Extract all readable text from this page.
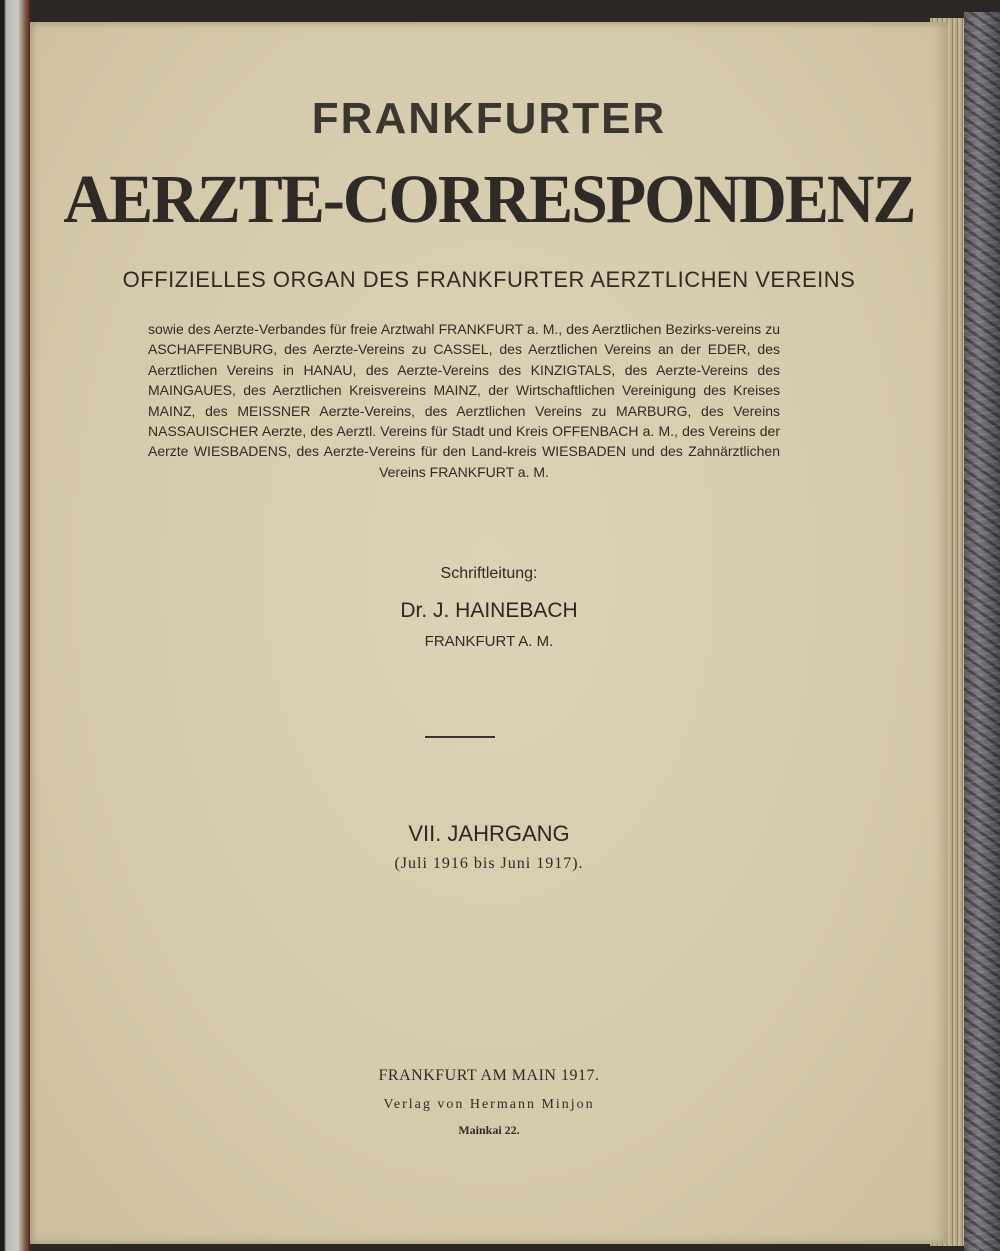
FRANKFURTER
AERZTE-CORRESPONDENZ
OFFIZIELLES ORGAN DES FRANKFURTER AERZTLICHEN VEREINS
sowie des Aerzte-Verbandes für freie Arztwahl FRANKFURT a. M., des Aerztlichen Bezirks-vereins zu ASCHAFFENBURG, des Aerzte-Vereins zu CASSEL, des Aerztlichen Vereins an der EDER, des Aerztlichen Vereins in HANAU, des Aerzte-Vereins des KINZIGTALS, des Aerzte-Vereins des MAINGAUES, des Aerztlichen Kreisvereins MAINZ, der Wirtschaftlichen Vereinigung des Kreises MAINZ, des MEISSNER Aerzte-Vereins, des Aerztlichen Vereins zu MARBURG, des Vereins NASSAUISCHER Aerzte, des Aerztl. Vereins für Stadt und Kreis OFFENBACH a. M., des Vereins der Aerzte WIESBADENS, des Aerzte-Vereins für den Land-kreis WIESBADEN und des Zahnärztlichen Vereins FRANKFURT a. M.
Schriftleitung:
Dr. J. HAINEBACH
FRANKFURT A. M.
VII. JAHRGANG
(Juli 1916 bis Juni 1917).
FRANKFURT AM MAIN 1917.
Verlag von Hermann Minjon
Mainkai 22.
